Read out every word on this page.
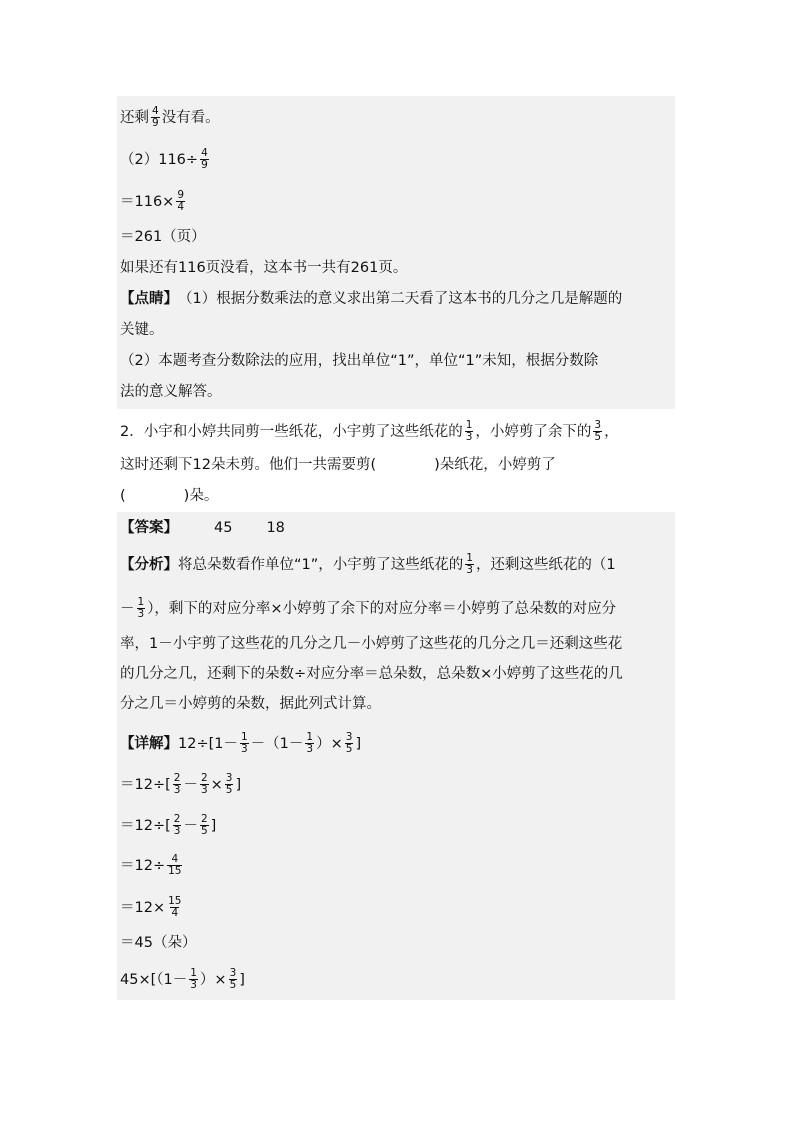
还剩 $\frac{4}{9}$ 没有看。
$(2)116\div \frac{4}{9}$
$=116\times \frac{9}{4}$
＝261（页）
如果还有116页没看，这本书一共有261页。
【点睛】 （1）根据分数乘法的意义求出第二天看了这本书的几分之几是解题的
关键。
（2）本题考查分数除法的应用，找出单位“1”，单位“1”未知，根据分数除
法的意义解答。
2．小宇和小婷共同剪一些纸花，小宇剪了这些纸花的 $\frac{1}{3}$ ，小婷剪了余下的 $\frac{3}{5}$ ，
这时还剩下12朵未剪。他们一共需要剪(　　　　)朵纸花，小婷剪了
(　　　　)朵。
【答案】 45 18
【分析】 将总朵数看作单位“1”，小宇剪了这些纸花的 $\frac{1}{3}$ ，还剩这些纸花的（1
－ $\frac{1}{3}$ ），剩下的对应分率×小婷剪了余下的对应分率＝小婷剪了总朵数的对应分
率，1－小宇剪了这些花的几分之几－小婷剪了这些花的几分之几＝还剩这些花
的几分之几，还剩下的朵数÷对应分率＝总朵数，总朵数×小婷剪了这些花的几
分之几＝小婷剪的朵数，据此列式计算。
【详解】 $12\div[1- \frac{1}{3} -(1- \frac{1}{3}$ ）× $\frac{3}{5}$ ]
$=12\div[ \frac{2}{3} - \frac{2}{3} \times \frac{3}{5}$ ]
$=12\div[ \frac{2}{3} - \frac{2}{5}$ ]
$=12\div \frac{4}{15}$
$=12\times \frac{15}{4}$
＝45（朵）
$45\times[(1- \frac{1}{3}$ ）× $\frac{3}{5}$ ]
